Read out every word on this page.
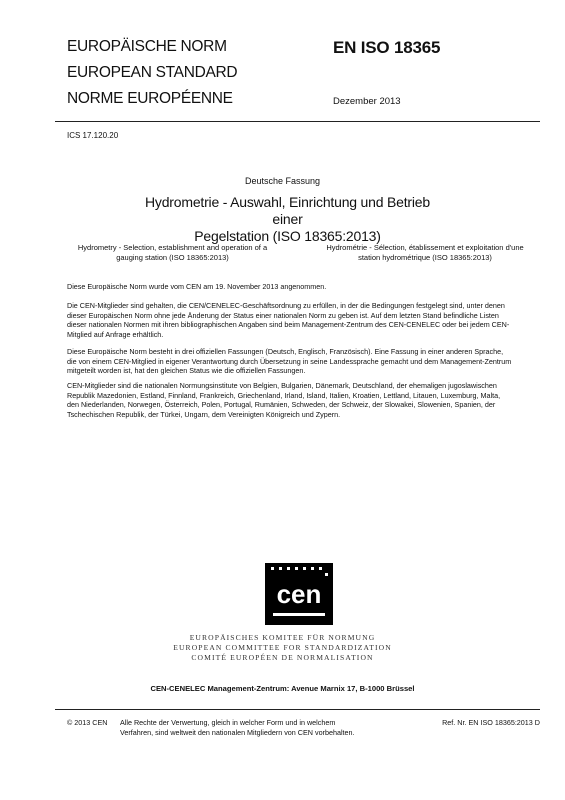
EUROPÄISCHE NORM
EUROPEAN STANDARD
NORME EUROPÉENNE
EN ISO 18365
Dezember 2013
ICS 17.120.20
Deutsche Fassung
Hydrometrie - Auswahl, Einrichtung und Betrieb einer
Pegelstation (ISO 18365:2013)
Hydrometry - Selection, establishment and operation of a
gauging station (ISO 18365:2013)
Hydrométrie - Sélection, établissement et exploitation d'une
station hydrométrique (ISO 18365:2013)
Diese Europäische Norm wurde vom CEN am 19. November 2013 angenommen.
Die CEN-Mitglieder sind gehalten, die CEN/CENELEC-Geschäftsordnung zu erfüllen, in der die Bedingungen festgelegt sind, unter denen
dieser Europäischen Norm ohne jede Änderung der Status einer nationalen Norm zu geben ist. Auf dem letzten Stand befindliche Listen
dieser nationalen Normen mit ihren bibliographischen Angaben sind beim Management-Zentrum des CEN-CENELEC oder bei jedem CEN-
Mitglied auf Anfrage erhältlich.
Diese Europäische Norm besteht in drei offiziellen Fassungen (Deutsch, Englisch, Französisch). Eine Fassung in einer anderen Sprache,
die von einem CEN-Mitglied in eigener Verantwortung durch Übersetzung in seine Landessprache gemacht und dem Management-Zentrum
mitgeteilt worden ist, hat den gleichen Status wie die offiziellen Fassungen.
CEN-Mitglieder sind die nationalen Normungsinstitute von Belgien, Bulgarien, Dänemark, Deutschland, der ehemaligen jugoslawischen
Republik Mazedonien, Estland, Finnland, Frankreich, Griechenland, Irland, Island, Italien, Kroatien, Lettland, Litauen, Luxemburg, Malta,
den Niederlanden, Norwegen, Österreich, Polen, Portugal, Rumänien, Schweden, der Schweiz, der Slowakei, Slowenien, Spanien, der
Tschechischen Republik, der Türkei, Ungarn, dem Vereinigten Königreich und Zypern.
cen
EUROPÄISCHES KOMITEE FÜR NORMUNG
EUROPEAN COMMITTEE FOR STANDARDIZATION
COMITÉ EUROPÉEN DE NORMALISATION
CEN-CENELEC Management-Zentrum: Avenue Marnix 17, B-1000 Brüssel
© 2013 CEN Alle Rechte der Verwertung, gleich in welcher Form und in welchem
Verfahren, sind weltweit den nationalen Mitgliedern von CEN vorbehalten.
Ref. Nr. EN ISO 18365:2013 D
